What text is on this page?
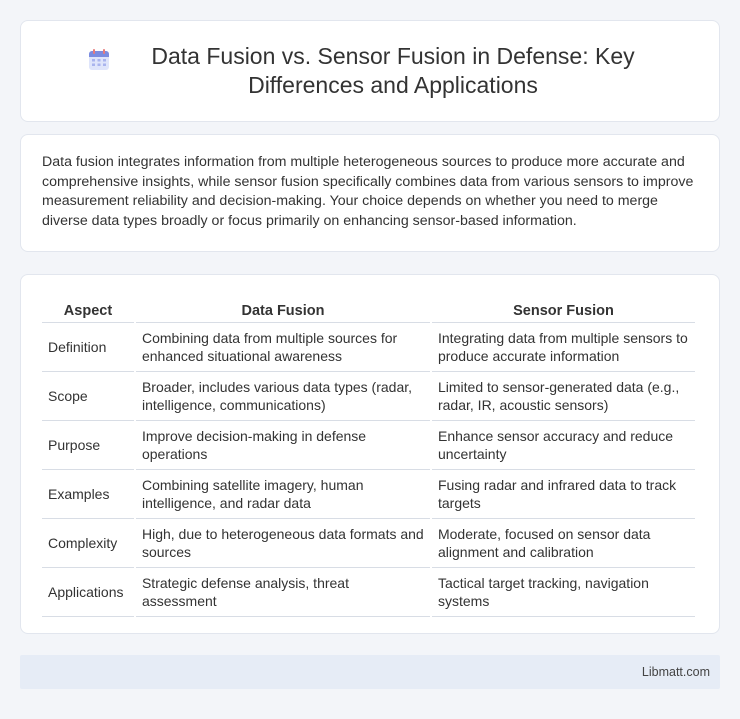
Data Fusion vs. Sensor Fusion in Defense: Key Differences and Applications

Data fusion integrates information from multiple heterogeneous sources to produce more accurate and comprehensive insights, while sensor fusion specifically combines data from various sensors to improve measurement reliability and decision-making. Your choice depends on whether you need to merge diverse data types broadly or focus primarily on enhancing sensor-based information.

Aspect	Data Fusion	Sensor Fusion
Definition	Combining data from multiple sources for enhanced situational awareness	Integrating data from multiple sensors to produce accurate information
Scope	Broader, includes various data types (radar, intelligence, communications)	Limited to sensor-generated data (e.g., radar, IR, acoustic sensors)
Purpose	Improve decision-making in defense operations	Enhance sensor accuracy and reduce uncertainty
Examples	Combining satellite imagery, human intelligence, and radar data	Fusing radar and infrared data to track targets
Complexity	High, due to heterogeneous data formats and sources	Moderate, focused on sensor data alignment and calibration
Applications	Strategic defense analysis, threat assessment	Tactical target tracking, navigation systems
Libmatt.com
